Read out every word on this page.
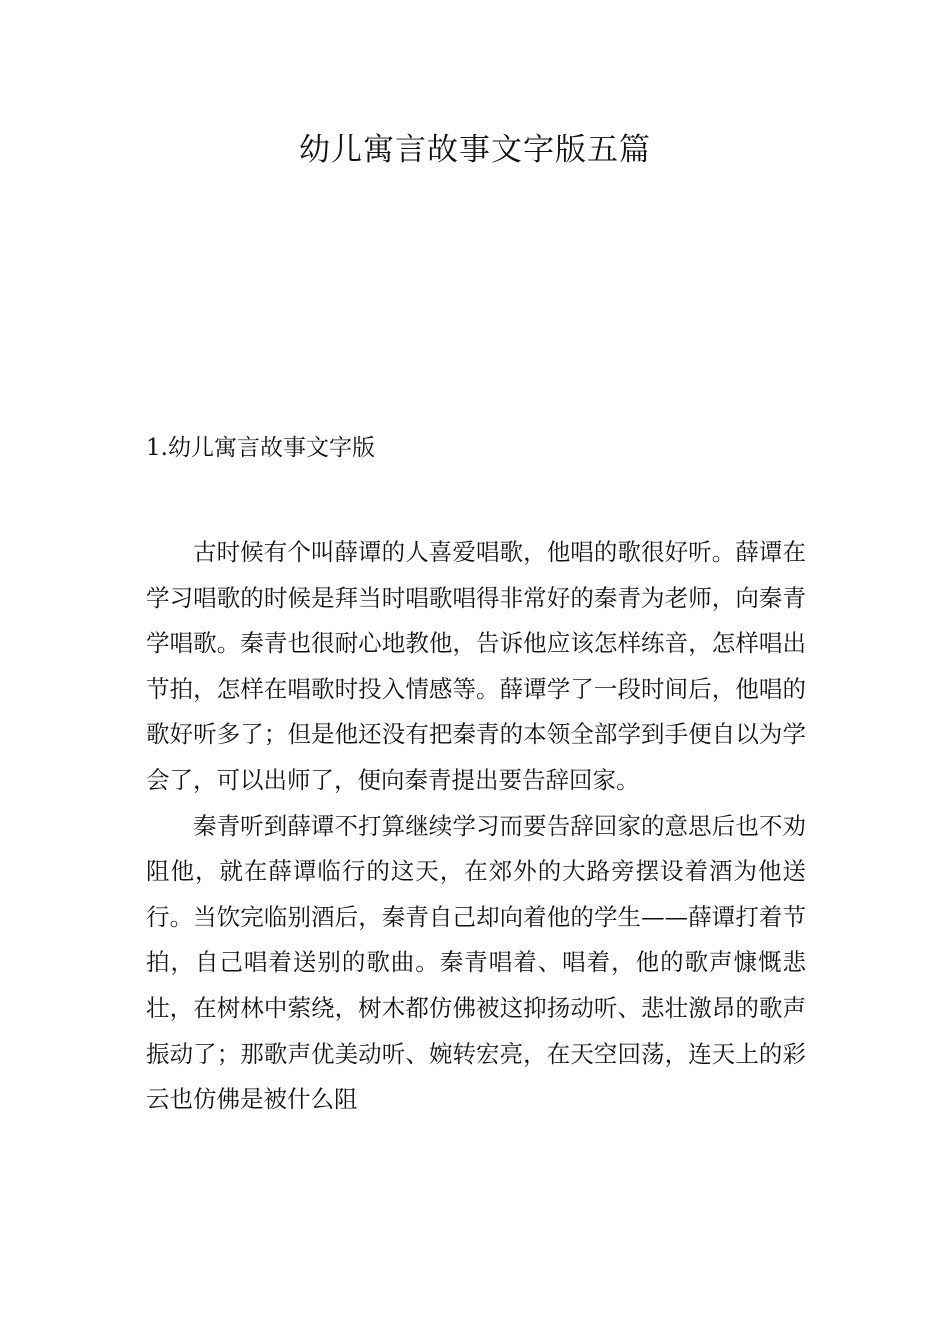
幼儿寓言故事文字版五篇
1.幼儿寓言故事文字版

古时候有个叫薛谭的人喜爱唱歌，他唱的歌很好听。薛谭在学习唱歌的时候是拜当时唱歌唱得非常好的秦青为老师，向秦青学唱歌。秦青也很耐心地教他，告诉他应该怎样练音，怎样唱出节拍，怎样在唱歌时投入情感等。薛谭学了一段时间后，他唱的歌好听多了；但是他还没有把秦青的本领全部学到手便自以为学会了，可以出师了，便向秦青提出要告辞回家。

秦青听到薛谭不打算继续学习而要告辞回家的意思后也不劝阻他，就在薛谭临行的这天，在郊外的大路旁摆设着酒为他送行。当饮完临别酒后，秦青自己却向着他的学生——薛谭打着节拍，自己唱着送别的歌曲。秦青唱着、唱着，他的歌声慷慨悲壮，在树林中萦绕，树木都仿佛被这抑扬动听、悲壮激昂的歌声振动了；那歌声优美动听、婉转宏亮，在天空回荡，连天上的彩云也仿佛是被什么阻
